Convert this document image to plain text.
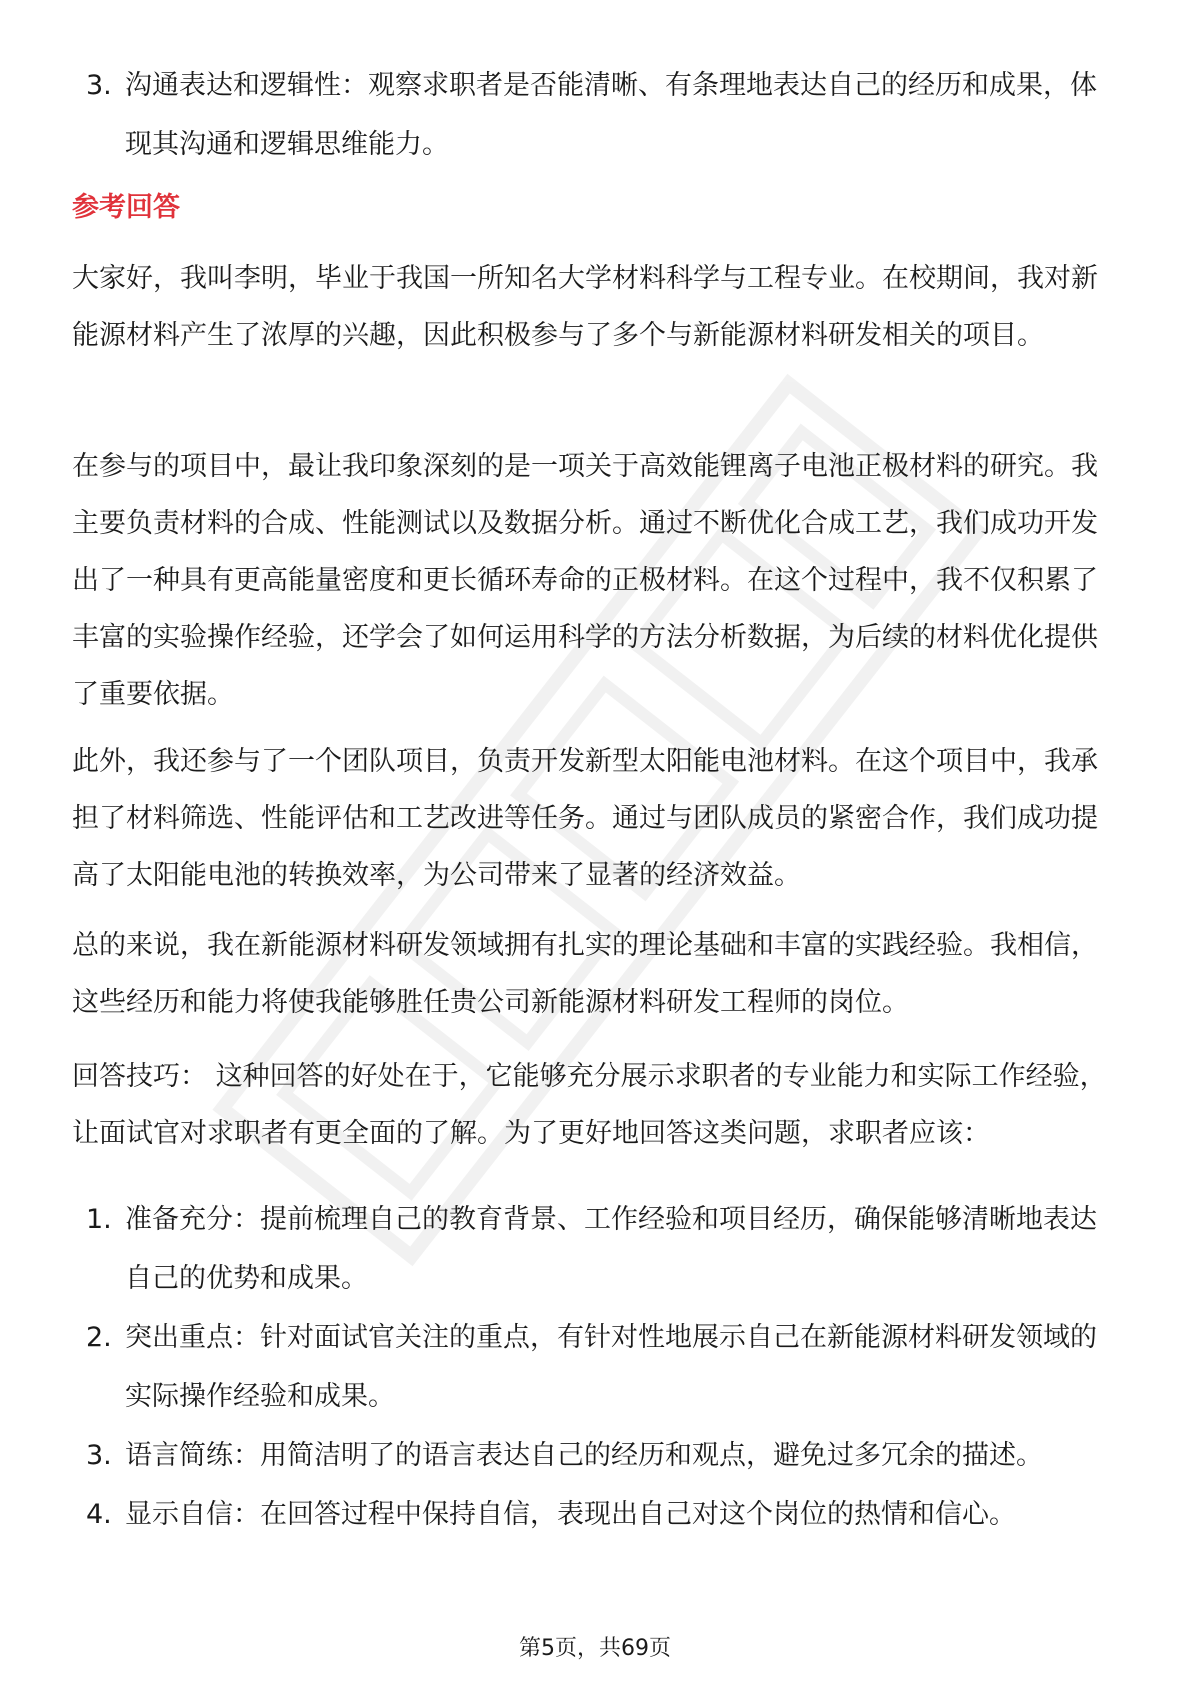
3. 沟通表达和逻辑性：观察求职者是否能清晰、有条理地表达自己的经历和成果，体现其沟通和逻辑思维能力。
参考回答

大家好，我叫李明，毕业于我国一所知名大学材料科学与工程专业。在校期间，我对新能源材料产生了浓厚的兴趣，因此积极参与了多个与新能源材料研发相关的项目。

在参与的项目中，最让我印象深刻的是一项关于高效能锂离子电池正极材料的研究。我主要负责材料的合成、性能测试以及数据分析。通过不断优化合成工艺，我们成功开发出了一种具有更高能量密度和更长循环寿命的正极材料。在这个过程中，我不仅积累了丰富的实验操作经验，还学会了如何运用科学的方法分析数据，为后续的材料优化提供了重要依据。

此外，我还参与了一个团队项目，负责开发新型太阳能电池材料。在这个项目中，我承担了材料筛选、性能评估和工艺改进等任务。通过与团队成员的紧密合作，我们成功提高了太阳能电池的转换效率，为公司带来了显著的经济效益。

总的来说，我在新能源材料研发领域拥有扎实的理论基础和丰富的实践经验。我相信，这些经历和能力将使我能够胜任贵公司新能源材料研发工程师的岗位。

回答技巧： 这种回答的好处在于，它能够充分展示求职者的专业能力和实际工作经验，让面试官对求职者有更全面的了解。为了更好地回答这类问题，求职者应该：

1. 准备充分：提前梳理自己的教育背景、工作经验和项目经历，确保能够清晰地表达自己的优势和成果。
2. 突出重点：针对面试官关注的重点，有针对性地展示自己在新能源材料研发领域的实际操作经验和成果。
3. 语言简练：用简洁明了的语言表达自己的经历和观点，避免过多冗余的描述。
4. 显示自信：在回答过程中保持自信，表现出自己对这个岗位的热情和信心。
第5页，共69页
